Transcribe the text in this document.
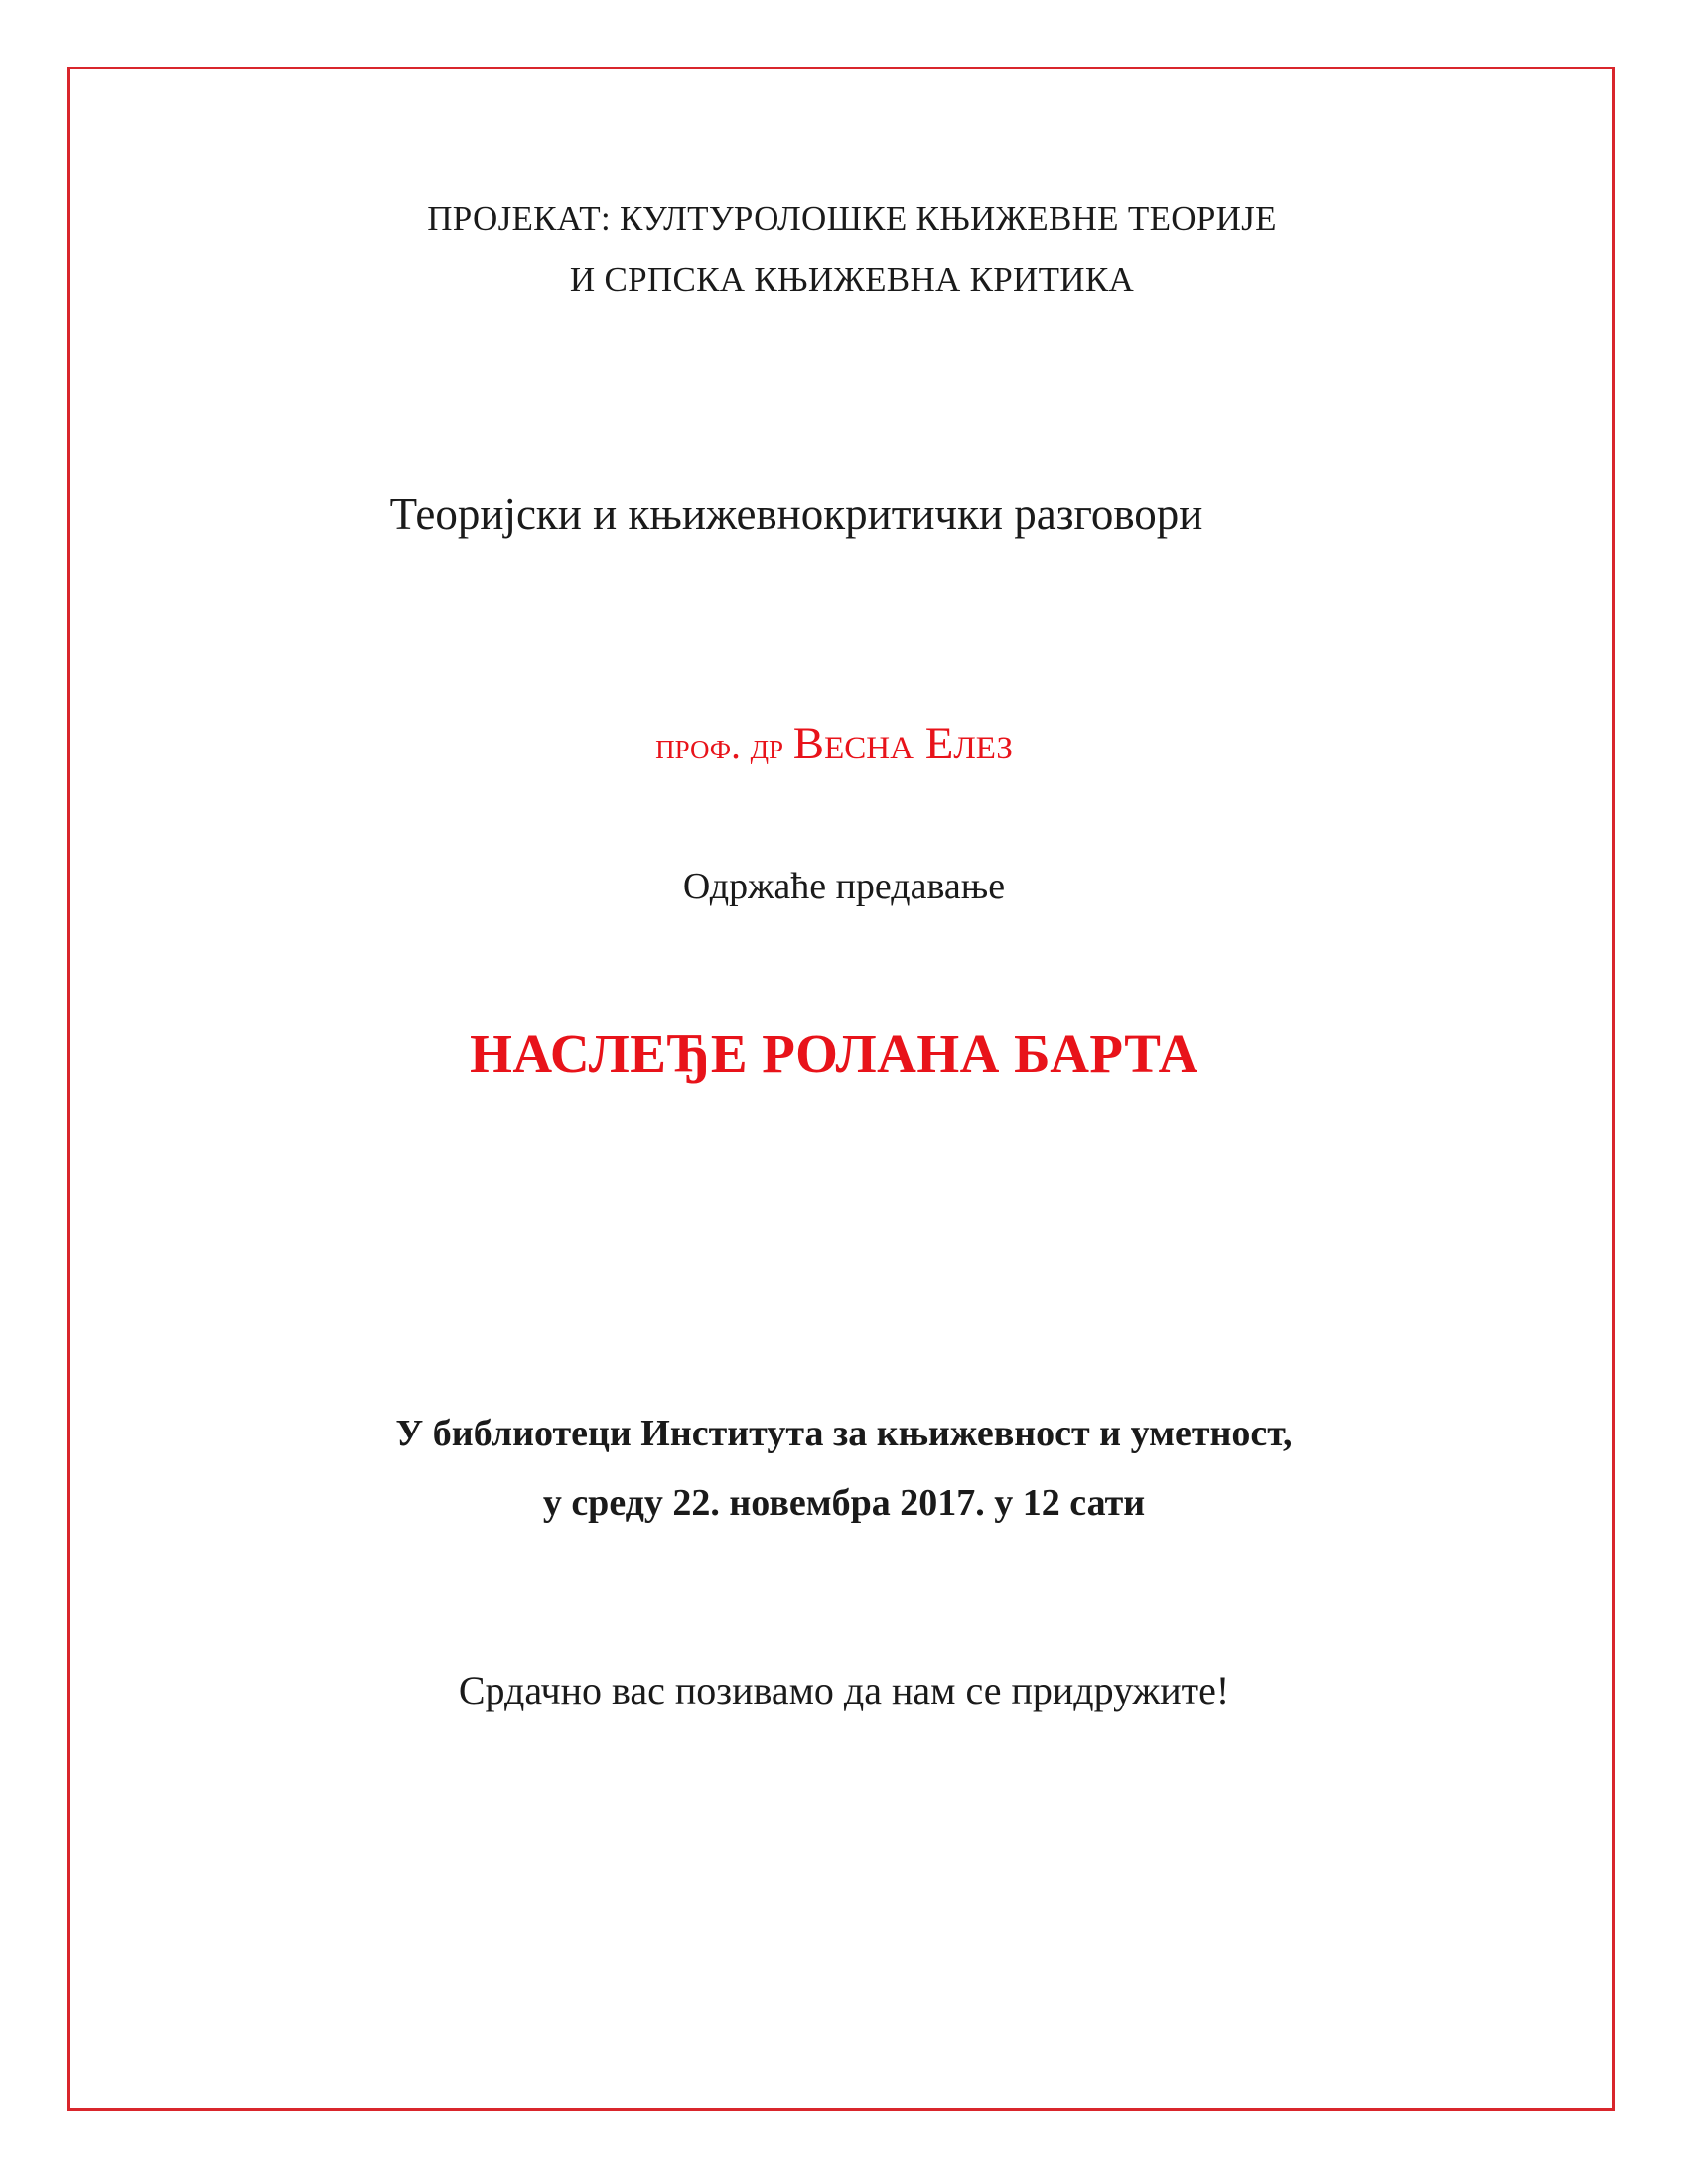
ПРОЈЕКАТ: КУЛТУРОЛОШКЕ КЊИЖЕВНЕ ТЕОРИЈЕ
И СРПСКА КЊИЖЕВНА КРИТИКА
Теоријски и књижевнокритички разговори
проф. др Весна Елез
Одржаће предавање
НАСЛЕЂЕ РОЛАНА БАРТА
У библиотеци Института за књижевност и уметност,
у среду 22. новембра 2017. у 12 сати
Срдачно вас позивамо да нам се придружите!
